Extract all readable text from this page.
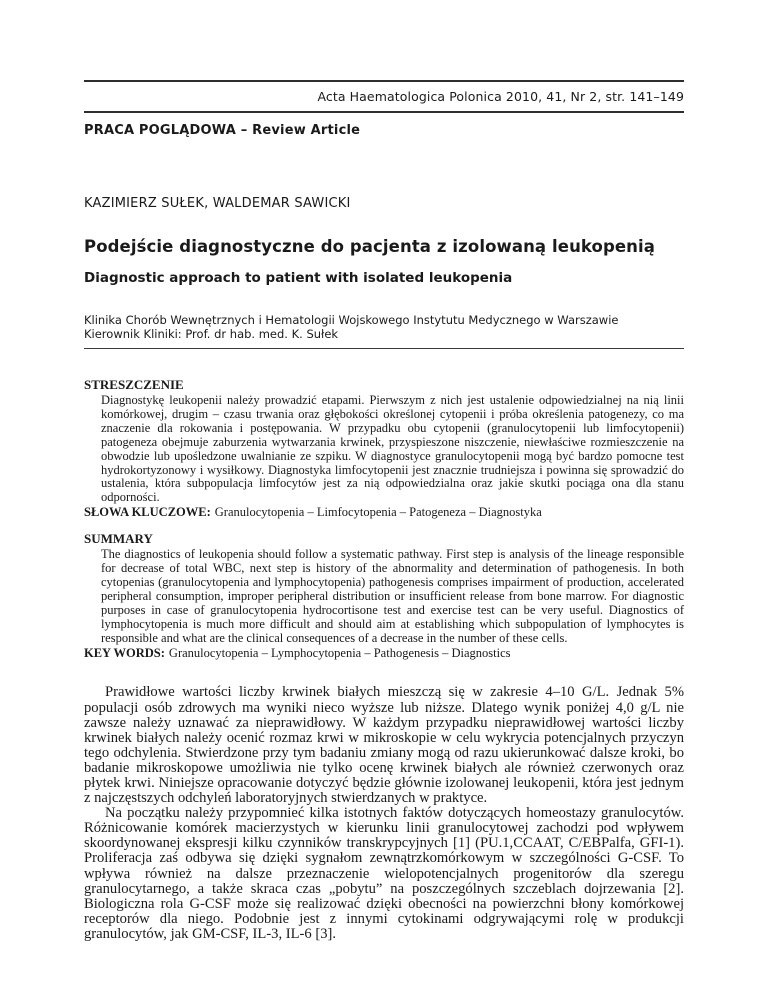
Acta Haematologica Polonica 2010, 41, Nr 2, str. 141–149
PRACA POGLĄDOWA – Review Article
KAZIMIERZ SUŁEK, WALDEMAR SAWICKI
Podejście diagnostyczne do pacjenta z izolowaną leukopenią
Diagnostic approach to patient with isolated leukopenia
Klinika Chorób Wewnętrznych i Hematologii Wojskowego Instytutu Medycznego w Warszawie
Kierownik Kliniki: Prof. dr hab. med. K. Sułek
STRESZCZENIE
Diagnostykę leukopenii należy prowadzić etapami. Pierwszym z nich jest ustalenie odpowiedzialnej na nią linii komórkowej, drugim – czasu trwania oraz głębokości określonej cytopenii i próba określenia patogenezy, co ma znaczenie dla rokowania i postępowania. W przypadku obu cytopenii (granulocytopenii lub limfocytopenii) patogeneza obejmuje zaburzenia wytwarzania krwinek, przyspieszone niszczenie, niewłaściwe rozmieszczenie na obwodzie lub upośledzone uwalnianie ze szpiku. W diagnostyce granulocytopenii mogą być bardzo pomocne test hydrokortyzonowy i wysiłkowy. Diagnostyka limfocytopenii jest znacznie trudniejsza i powinna się sprowadzić do ustalenia, która subpopulacja limfocytów jest za nią odpowiedzialna oraz jakie skutki pociąga ona dla stanu odporności.
SŁOWA KLUCZOWE: Granulocytopenia – Limfocytopenia – Patogeneza – Diagnostyka
SUMMARY
The diagnostics of leukopenia should follow a systematic pathway. First step is analysis of the lineage responsible for decrease of total WBC, next step is history of the abnormality and determination of pathogenesis. In both cytopenias (granulocytopenia and lymphocytopenia) pathogenesis comprises impairment of production, accelerated peripheral consumption, improper peripheral distribution or insufficient release from bone marrow. For diagnostic purposes in case of granulocytopenia hydrocortisone test and exercise test can be very useful. Diagnostics of lymphocytopenia is much more difficult and should aim at establishing which subpopulation of lymphocytes is responsible and what are the clinical consequences of a decrease in the number of these cells.
KEY WORDS: Granulocytopenia – Lymphocytopenia – Pathogenesis – Diagnostics

Prawidłowe wartości liczby krwinek białych mieszczą się w zakresie 4–10 G/L. Jednak 5% populacji osób zdrowych ma wyniki nieco wyższe lub niższe. Dlatego wynik poniżej 4,0 g/L nie zawsze należy uznawać za nieprawidłowy. W każdym przypadku nieprawidłowej wartości liczby krwinek białych należy ocenić rozmaz krwi w mikroskopie w celu wykrycia potencjalnych przyczyn tego odchylenia. Stwierdzone przy tym badaniu zmiany mogą od razu ukierunkować dalsze kroki, bo badanie mikroskopowe umożliwia nie tylko ocenę krwinek białych ale również czerwonych oraz płytek krwi. Niniejsze opracowanie dotyczyć będzie głównie izolowanej leukopenii, która jest jednym z najczęstszych odchyleń laboratoryjnych stwierdzanych w praktyce.

Na początku należy przypomnieć kilka istotnych faktów dotyczących homeostazy granulocytów. Różnicowanie komórek macierzystych w kierunku linii granulocytowej zachodzi pod wpływem skoordynowanej ekspresji kilku czynników transkrypcyjnych [1] (PU.1,CCAAT, C/EBPalfa, GFI-1). Proliferacja zaś odbywa się dzięki sygnałom zewnątrzkomórkowym w szczególności G-CSF. To wpływa również na dalsze przeznaczenie wielopotencjalnych progenitorów dla szeregu granulocytarnego, a także skraca czas „pobytu” na poszczególnych szczeblach dojrzewania [2]. Biologiczna rola G-CSF może się realizować dzięki obecności na powierzchni błony komórkowej receptorów dla niego. Podobnie jest z innymi cytokinami odgrywającymi rolę w produkcji granulocytów, jak GM-CSF, IL-3, IL-6 [3].
